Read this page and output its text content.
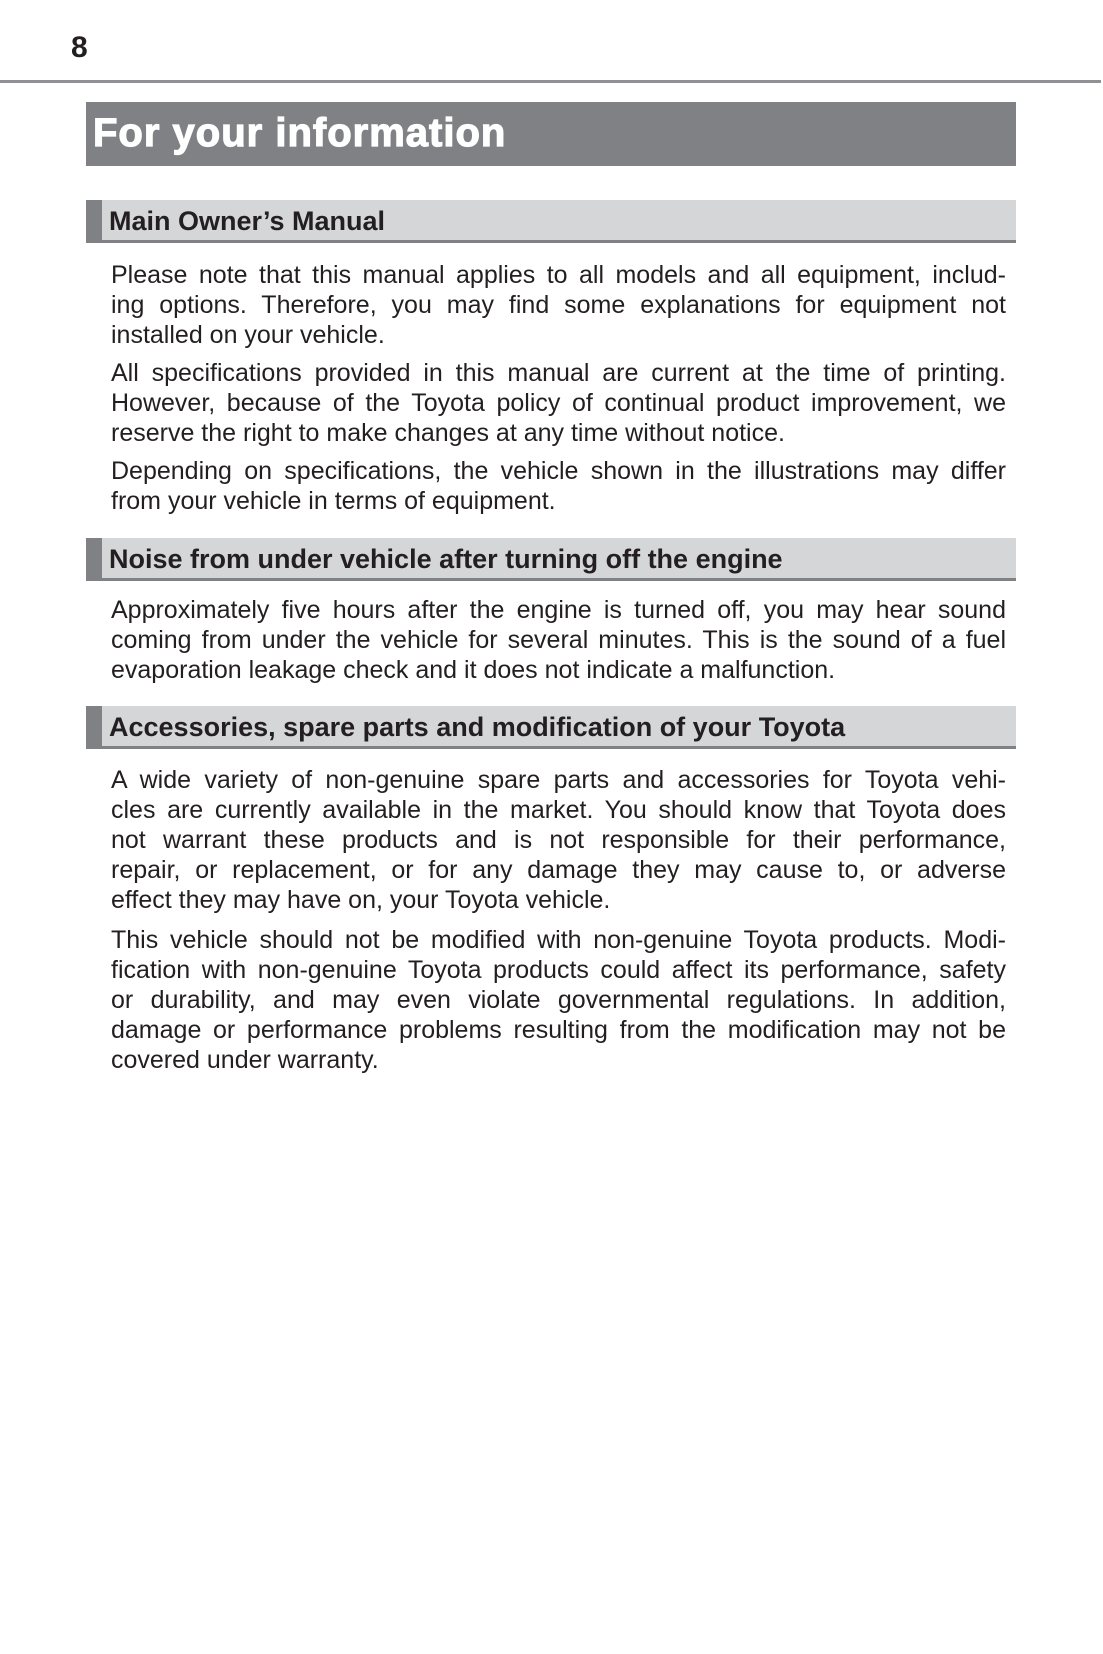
8
For your information
Main Owner’s Manual
Please note that this manual applies to all models and all equipment, includ-
ing options. Therefore, you may find some explanations for equipment not
installed on your vehicle.
All specifications provided in this manual are current at the time of printing.
However, because of the Toyota policy of continual product improvement, we
reserve the right to make changes at any time without notice.
Depending on specifications, the vehicle shown in the illustrations may differ
from your vehicle in terms of equipment.
Noise from under vehicle after turning off the engine
Approximately five hours after the engine is turned off, you may hear sound
coming from under the vehicle for several minutes. This is the sound of a fuel
evaporation leakage check and it does not indicate a malfunction.
Accessories, spare parts and modification of your Toyota
A wide variety of non-genuine spare parts and accessories for Toyota vehi-
cles are currently available in the market. You should know that Toyota does
not warrant these products and is not responsible for their performance,
repair, or replacement, or for any damage they may cause to, or adverse
effect they may have on, your Toyota vehicle.
This vehicle should not be modified with non-genuine Toyota products. Modi-
fication with non-genuine Toyota products could affect its performance, safety
or durability, and may even violate governmental regulations. In addition,
damage or performance problems resulting from the modification may not be
covered under warranty.
